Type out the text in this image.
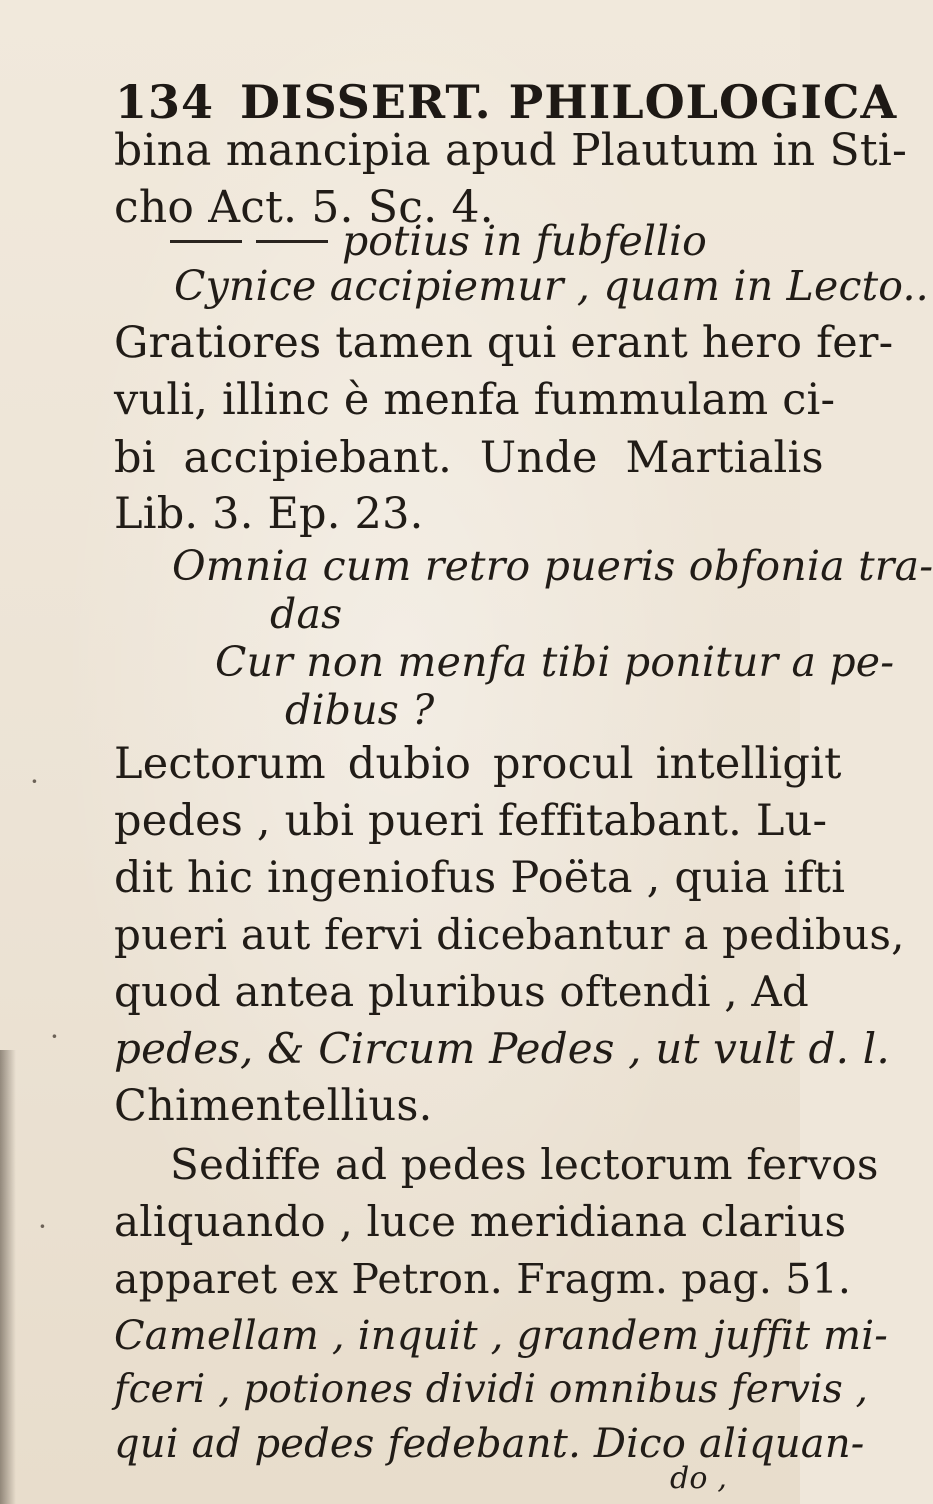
134 DISSERT. PHILOLOGICA
bina mancipia apud Plautum in Sti-
cho Act. 5. Sc. 4.
potius in fubfellio
Cynice accipiemur , quam in Lecto..
Gratiores tamen qui erant hero fer-
vuli, illinc è menfa fummulam ci-
bi accipiebant. Unde Martialis
Lib. 3. Ep. 23.
Omnia cum retro pueris obfonia tra-
das
Cur non menfa tibi ponitur a pe-
dibus ?
Lectorum dubio procul intelligit
pedes , ubi pueri feffitabant. Lu-
dit hic ingeniofus Poëta , quia ifti
pueri aut fervi dicebantur a pedibus,
quod antea pluribus oftendi , Ad
pedes, & Circum Pedes , ut vult d. l.
Chimentellius.
Sediffe ad pedes lectorum fervos
aliquando , luce meridiana clarius
apparet ex Petron. Fragm. pag. 51.
Camellam , inquit , grandem juffit mi-
fceri , potiones dividi omnibus fervis ,
qui ad pedes fedebant. Dico aliquan-
do ,
·
·
·
